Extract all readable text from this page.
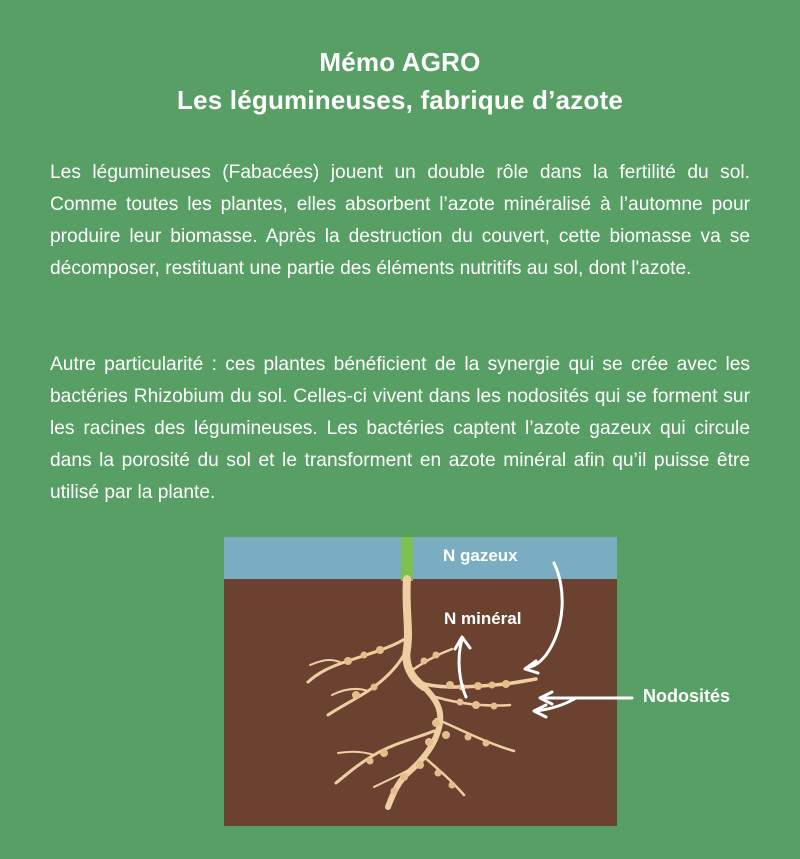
Mémo AGRO
Les légumineuses, fabrique d’azote

Les légumineuses (Fabacées) jouent un double rôle dans la fertilité du sol. Comme toutes les plantes, elles absorbent l’azote minéralisé à l’automne pour produire leur biomasse. Après la destruction du couvert, cette biomasse va se décomposer, restituant une partie des éléments nutritifs au sol, dont l'azote.

Autre particularité : ces plantes bénéficient de la synergie qui se crée avec les bactéries Rhizobium du sol. Celles-ci vivent dans les nodosités qui se forment sur les racines des légumineuses. Les bactéries captent l’azote gazeux qui circule dans la porosité du sol et le transforment en azote minéral afin qu’il puisse être utilisé par la plante.

N gazeux
N minéral
Nodosités
